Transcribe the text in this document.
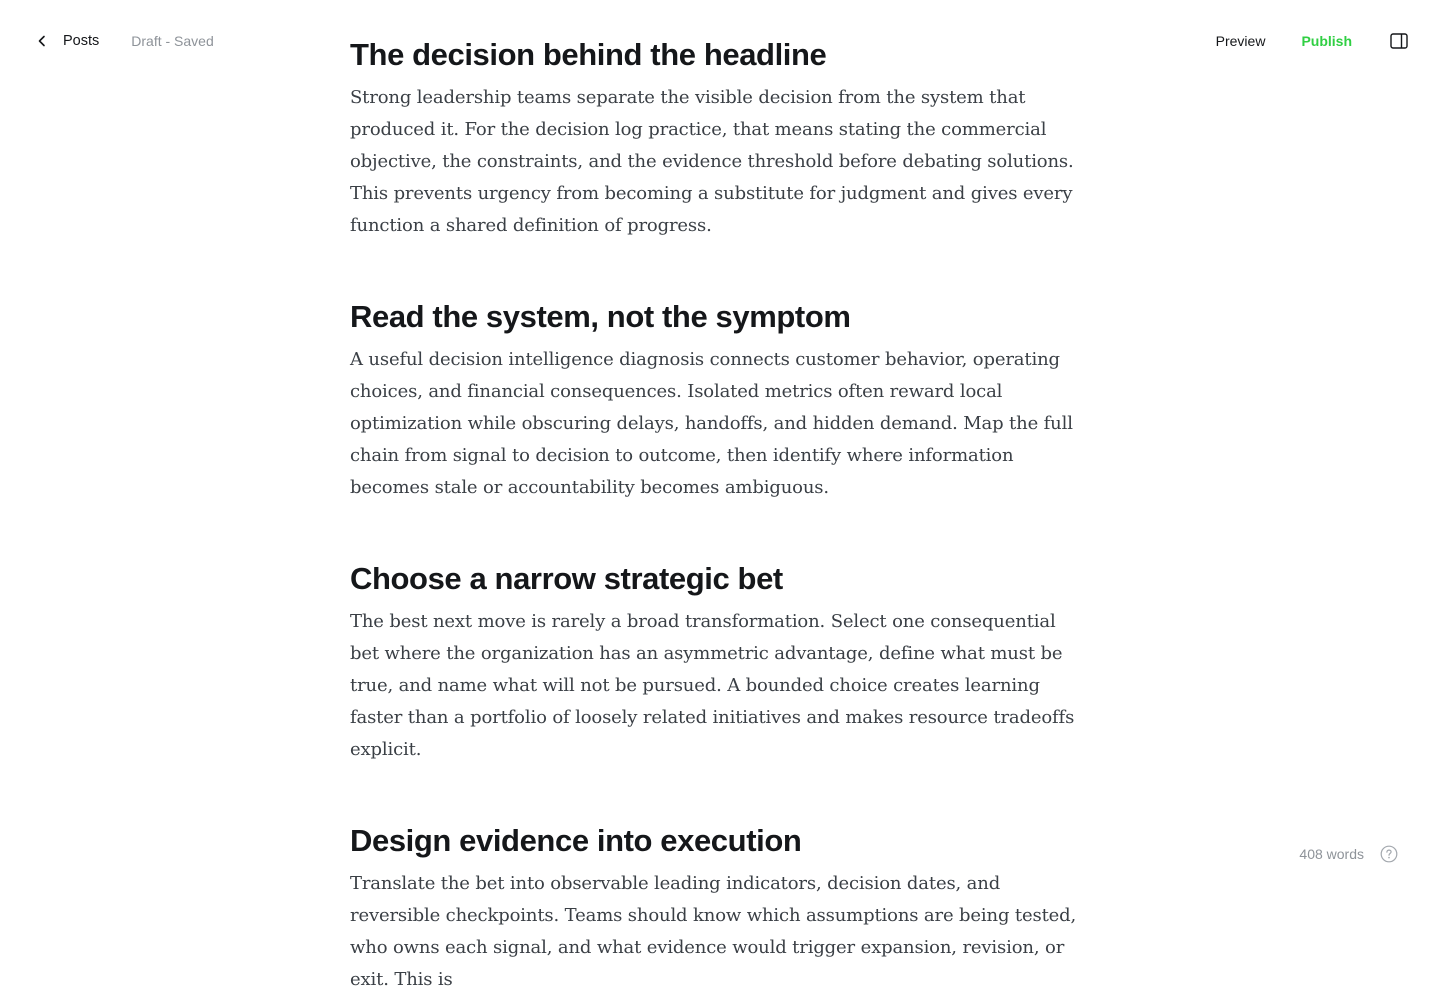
Posts Draft - Saved	Preview	Publish
The decision behind the headline

Strong leadership teams separate the visible decision from the system that produced it. For the decision log practice, that means stating the commercial objective, the constraints, and the evidence threshold before debating solutions. This prevents urgency from becoming a substitute for judgment and gives every function a shared definition of progress.

Read the system, not the symptom

A useful decision intelligence diagnosis connects customer behavior, operating choices, and financial consequences. Isolated metrics often reward local optimization while obscuring delays, handoffs, and hidden demand. Map the full chain from signal to decision to outcome, then identify where information becomes stale or accountability becomes ambiguous.

Choose a narrow strategic bet

The best next move is rarely a broad transformation. Select one consequential bet where the organization has an asymmetric advantage, define what must be true, and name what will not be pursued. A bounded choice creates learning faster than a portfolio of loosely related initiatives and makes resource tradeoffs explicit.

Design evidence into execution

Translate the bet into observable leading indicators, decision dates, and reversible checkpoints. Teams should know which assumptions are being tested, who owns each signal, and what evidence would trigger expansion, revision, or exit. This is

408 words
